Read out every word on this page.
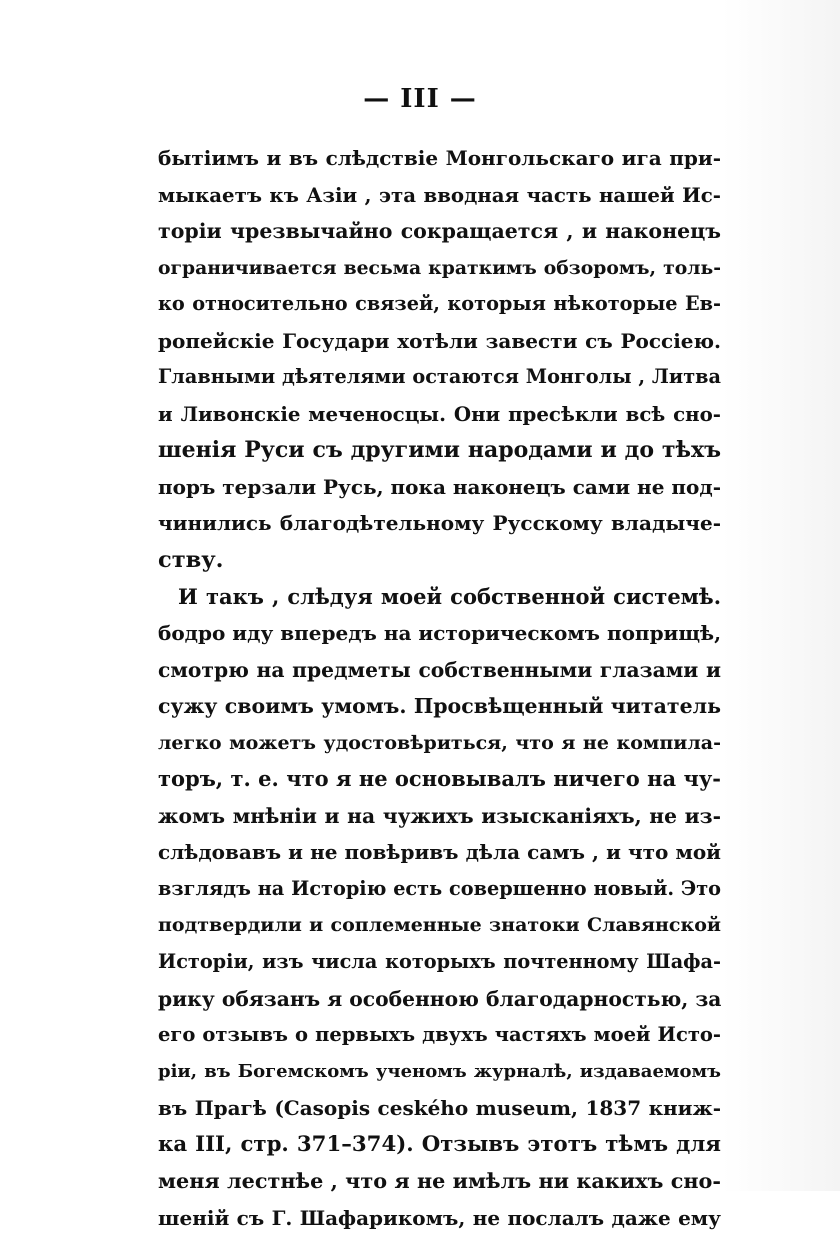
— III —
бытіимъ и въ слѣдствіе Монгольскаго ига при-
мыкаетъ къ Азіи , эта вводная часть нашей Ис-
торіи чрезвычайно сокращается , и наконецъ
ограничивается весьма краткимъ обзоромъ, толь-
ко относительно связей, которыя нѣкоторые Ев-
ропейскіе Государи хотѣли завести съ Россіею.
Главными дѣятелями остаются Монголы , Литва
и Ливонскіе меченосцы. Они пресѣкли всѣ сно-
шенія Руси съ другими народами и до тѣхъ
поръ терзали Русь, пока наконецъ сами не под-
чинились благодѣтельному Русскому владыче-
ству.
И такъ , слѣдуя моей собственной системѣ.
бодро иду впередъ на историческомъ поприщѣ,
смотрю на предметы собственными глазами и
сужу своимъ умомъ. Просвѣщенный читатель
легко можетъ удостовѣриться, что я не компила-
торъ, т. е. что я не основывалъ ничего на чу-
жомъ мнѣніи и на чужихъ изысканіяхъ, не из-
слѣдовавъ и не повѣривъ дѣла самъ , и что мой
взглядъ на Исторію есть совершенно новый. Это
подтвердили и соплеменные знатоки Славянской
Исторіи, изъ числа которыхъ почтенному Шафа-
рику обязанъ я особенною благодарностью, за
его отзывъ о первыхъ двухъ частяхъ моей Исто-
ріи, въ Богемскомъ ученомъ журналѣ, издаваемомъ
въ Прагѣ (Casopis ceského museum, 1837 книж-
ка III, стр. 371–374). Отзывъ этотъ тѣмъ для
меня лестнѣе , что я не имѣлъ ни какихъ сно-
шеній съ Г. Шафарикомъ, не послалъ даже ему
